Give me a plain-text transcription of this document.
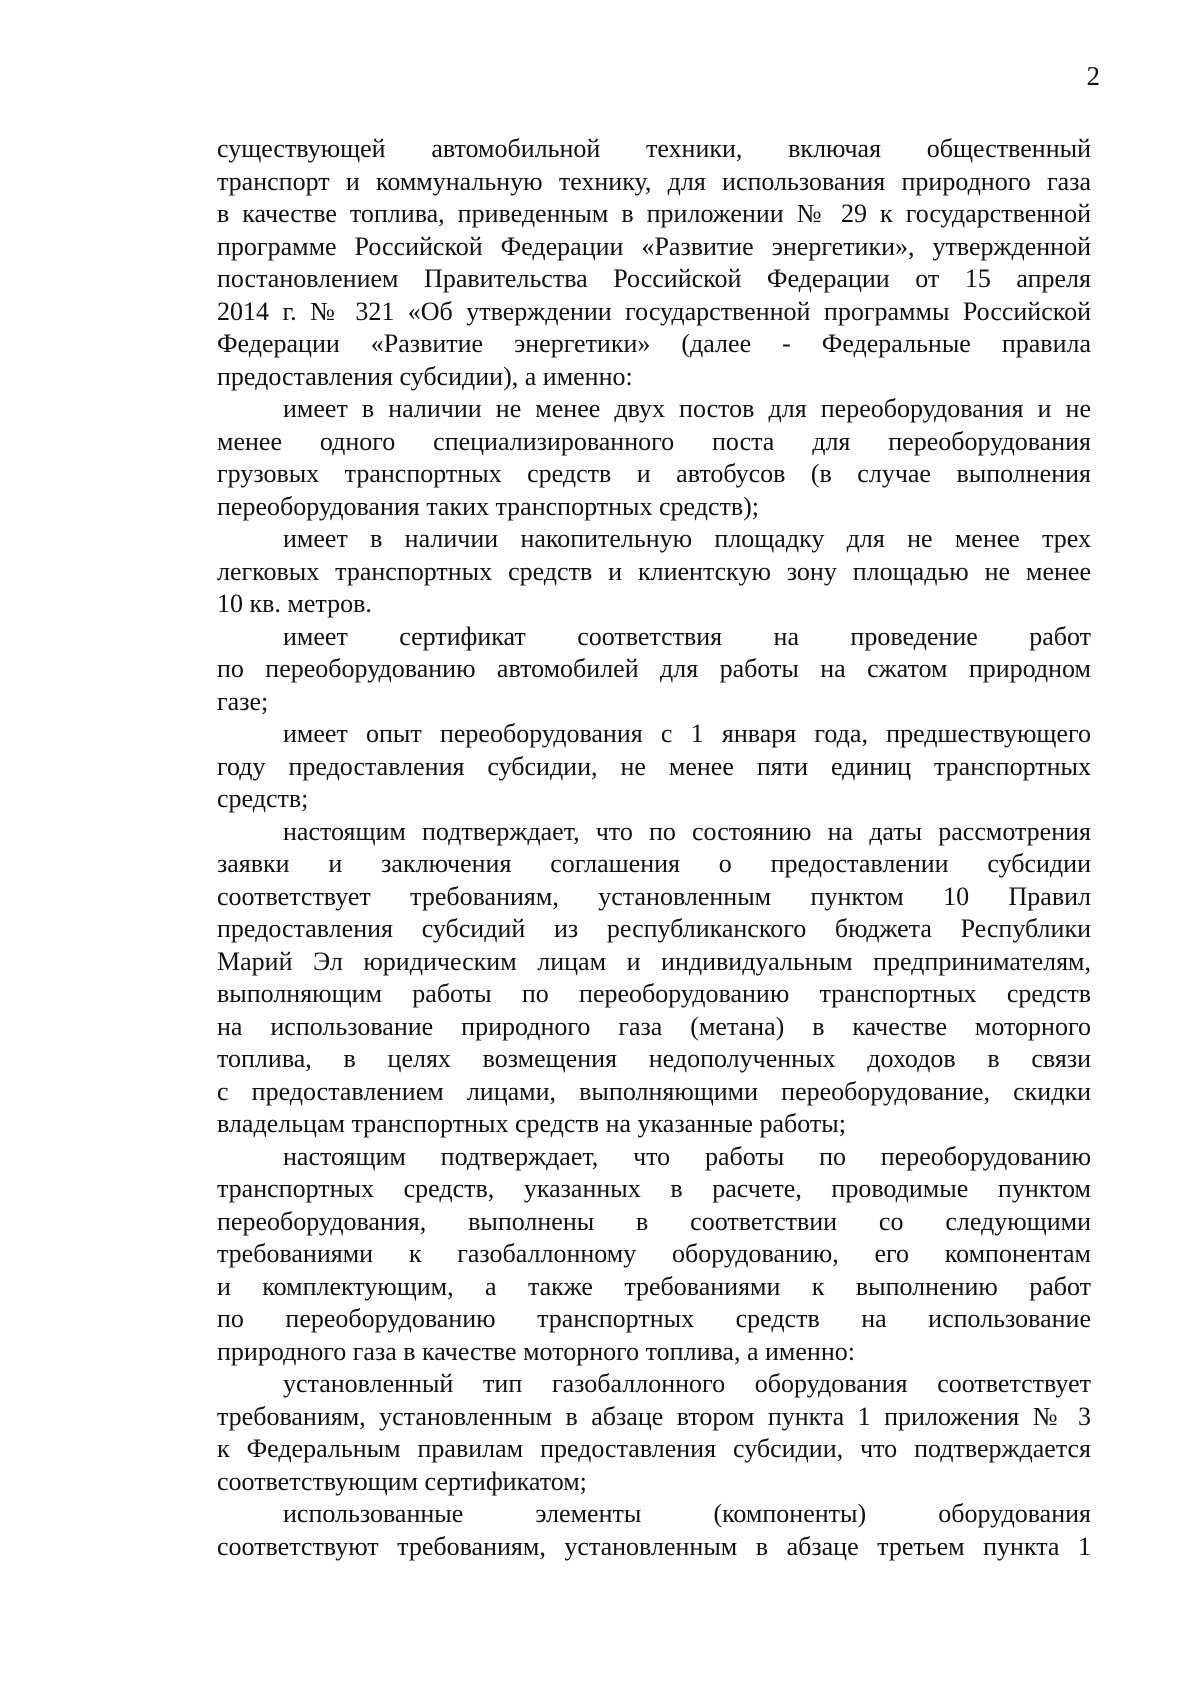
2
существующей автомобильной техники, включая общественный
транспорт и коммунальную технику, для использования природного газа
в качестве топлива, приведенным в приложении № 29 к государственной
программе Российской Федерации «Развитие энергетики», утвержденной
постановлением Правительства Российской Федерации от 15 апреля
2014 г. № 321 «Об утверждении государственной программы Российской
Федерации «Развитие энергетики» (далее - Федеральные правила
предоставления субсидии), а именно:
имеет в наличии не менее двух постов для переоборудования и не
менее одного специализированного поста для переоборудования
грузовых транспортных средств и автобусов (в случае выполнения
переоборудования таких транспортных средств);
имеет в наличии накопительную площадку для не менее трех
легковых транспортных средств и клиентскую зону площадью не менее
10 кв. метров.
имеет сертификат соответствия на проведение работ
по переоборудованию автомобилей для работы на сжатом природном
газе;
имеет опыт переоборудования с 1 января года, предшествующего
году предоставления субсидии, не менее пяти единиц транспортных
средств;
настоящим подтверждает, что по состоянию на даты рассмотрения
заявки и заключения соглашения о предоставлении субсидии
соответствует требованиям, установленным пунктом 10 Правил
предоставления субсидий из республиканского бюджета Республики
Марий Эл юридическим лицам и индивидуальным предпринимателям,
выполняющим работы по переоборудованию транспортных средств
на использование природного газа (метана) в качестве моторного
топлива, в целях возмещения недополученных доходов в связи
с предоставлением лицами, выполняющими переоборудование, скидки
владельцам транспортных средств на указанные работы;
настоящим подтверждает, что работы по переоборудованию
транспортных средств, указанных в расчете, проводимые пунктом
переоборудования, выполнены в соответствии со следующими
требованиями к газобаллонному оборудованию, его компонентам
и комплектующим, а также требованиями к выполнению работ
по переоборудованию транспортных средств на использование
природного газа в качестве моторного топлива, а именно:
установленный тип газобаллонного оборудования соответствует
требованиям, установленным в абзаце втором пункта 1 приложения № 3
к Федеральным правилам предоставления субсидии, что подтверждается
соответствующим сертификатом;
использованные элементы (компоненты) оборудования
соответствуют требованиям, установленным в абзаце третьем пункта 1
